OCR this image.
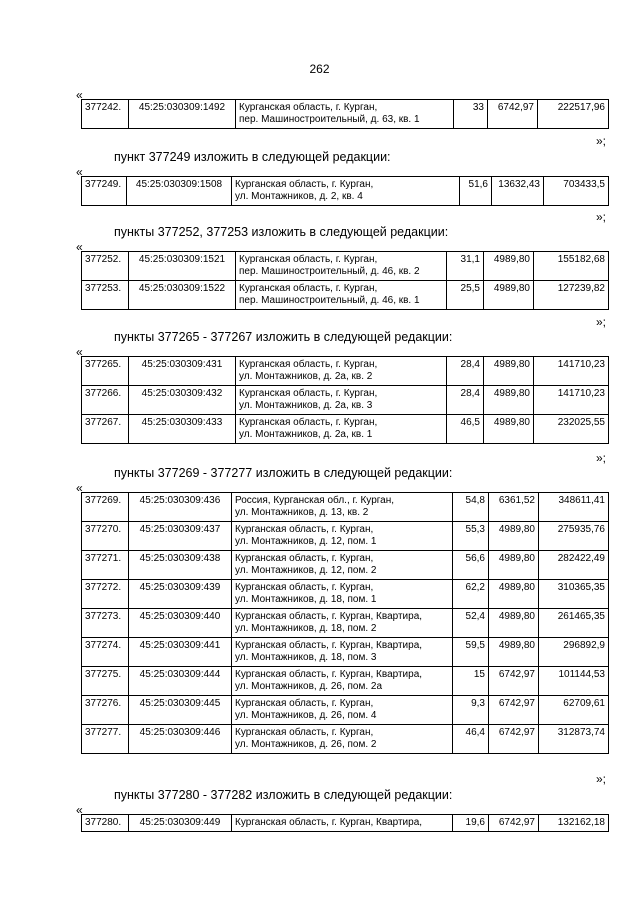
262
«
377242.	45:25:030309:1492	Курганская область, г. Курган,
пер. Машиностроительный, д. 63, кв. 1
	33	6742,97	222517,96
»;
пункт 377249 изложить в следующей редакции:
«
377249.	45:25:030309:1508	Курганская область, г. Курган,
ул. Монтажников, д. 2, кв. 4
	51,6	13632,43	703433,5
»;
пункты 377252, 377253 изложить в следующей редакции:
«
377252.	45:25:030309:1521	Курганская область, г. Курган,
пер. Машиностроительный, д. 46, кв. 2	31,1	4989,80	155182,68
377253.	45:25:030309:1522	Курганская область, г. Курган,
пер. Машиностроительный, д. 46, кв. 1	25,5	4989,80	127239,82
»;
пункты 377265 - 377267 изложить в следующей редакции:
«
377265.	45:25:030309:431	Курганская область, г. Курган,
ул. Монтажников, д. 2а, кв. 2	28,4	4989,80	141710,23
377266.	45:25:030309:432	Курганская область, г. Курган,
ул. Монтажников, д. 2а, кв. 3	28,4	4989,80	141710,23
377267.	45:25:030309:433	Курганская область, г. Курган,
ул. Монтажников, д. 2а, кв. 1	46,5	4989,80	232025,55
»;
пункты 377269 - 377277 изложить в следующей редакции:
«
377269.	45:25:030309:436	Россия, Курганская обл., г. Курган,
ул. Монтажников, д. 13, кв. 2	54,8	6361,52	348611,41
377270.	45:25:030309:437	Курганская область, г. Курган,
ул. Монтажников, д. 12, пом. 1	55,3	4989,80	275935,76
377271.	45:25:030309:438	Курганская область, г. Курган,
ул. Монтажников, д. 12, пом. 2	56,6	4989,80	282422,49
377272.	45:25:030309:439	Курганская область, г. Курган,
ул. Монтажников, д. 18, пом. 1	62,2	4989,80	310365,35
377273.	45:25:030309:440	Курганская область, г. Курган, Квартира,
ул. Монтажников, д. 18, пом. 2	52,4	4989,80	261465,35
377274.	45:25:030309:441	Курганская область, г. Курган, Квартира,
ул. Монтажников, д. 18, пом. 3	59,5	4989,80	296892,9
377275.	45:25:030309:444	Курганская область, г. Курган, Квартира,
ул. Монтажников, д. 26, пом. 2а	15	6742,97	101144,53
377276.	45:25:030309:445	Курганская область, г. Курган,
ул. Монтажников, д. 26, пом. 4	9,3	6742,97	62709,61
377277.	45:25:030309:446	Курганская область, г. Курган,
ул. Монтажников, д. 26, пом. 2	46,4	6742,97	312873,74
»;
пункты 377280 - 377282 изложить в следующей редакции:
«
377280.	45:25:030309:449	Курганская область, г. Курган, Квартира,	19,6	6742,97	132162,18
